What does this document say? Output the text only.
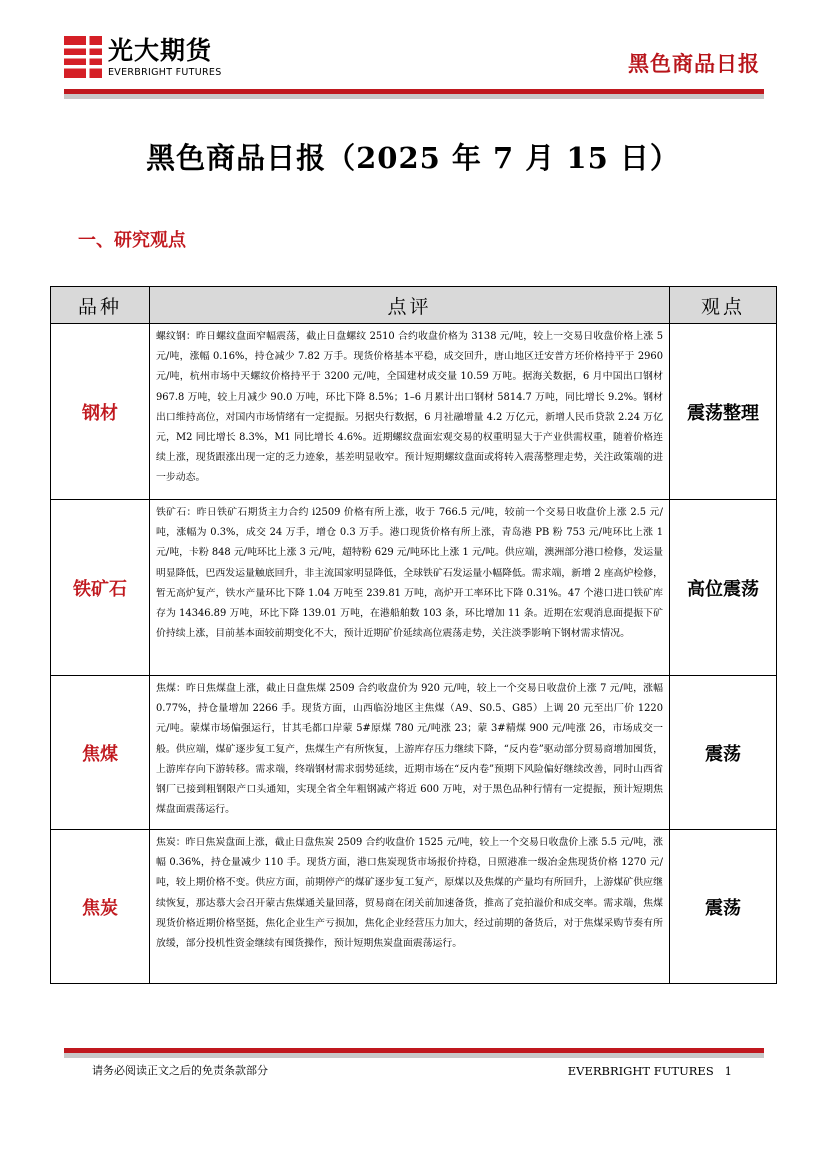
光大期货
EVERBRIGHT FUTURES	黑色商品日报
黑色商品日报（2025 年 7 月 15 日）
一、研究观点
品种	点评	观点
钢材	螺纹钢：昨日螺纹盘面窄幅震荡，截止日盘螺纹 2510 合约收盘价格为 3138 元/吨，较上一交易日收盘价格上涨 5 元/吨，涨幅 0.16%，持仓减少 7.82 万手。现货价格基本平稳，成交回升，唐山地区迁安普方坯价格持平于 2960 元/吨，杭州市场中天螺纹价格持平于 3200 元/吨，全国建材成交量 10.59 万吨。据海关数据，6 月中国出口钢材 967.8 万吨，较上月减少 90.0 万吨，环比下降 8.5%；1–6 月累计出口钢材 5814.7 万吨，同比增长 9.2%。钢材出口维持高位，对国内市场情绪有一定提振。另据央行数据，6 月社融增量 4.2 万亿元，新增人民币贷款 2.24 万亿元，M2 同比增长 8.3%，M1 同比增长 4.6%。近期螺纹盘面宏观交易的权重明显大于产业供需权重，随着价格连续上涨，现货跟涨出现一定的乏力迹象，基差明显收窄。预计短期螺纹盘面或将转入震荡整理走势，关注政策端的进一步动态。	震荡整理
铁矿石	铁矿石：昨日铁矿石期货主力合约 i2509 价格有所上涨，收于 766.5 元/吨，较前一个交易日收盘价上涨 2.5 元/吨，涨幅为 0.3%，成交 24 万手，增仓 0.3 万手。港口现货价格有所上涨，青岛港 PB 粉 753 元/吨环比上涨 1 元/吨，卡粉 848 元/吨环比上涨 3 元/吨，超特粉 629 元/吨环比上涨 1 元/吨。供应端，澳洲部分港口检修，发运量明显降低，巴西发运量触底回升，非主流国家明显降低，全球铁矿石发运量小幅降低。需求端，新增 2 座高炉检修，暂无高炉复产，铁水产量环比下降 1.04 万吨至 239.81 万吨，高炉开工率环比下降 0.31%。47 个港口进口铁矿库存为 14346.89 万吨，环比下降 139.01 万吨，在港船舶数 103 条，环比增加 11 条。近期在宏观消息面提振下矿价持续上涨，目前基本面较前期变化不大，预计近期矿价延续高位震荡走势，关注淡季影响下钢材需求情况。	高位震荡
焦煤	焦煤：昨日焦煤盘上涨，截止日盘焦煤 2509 合约收盘价为 920 元/吨，较上一个交易日收盘价上涨 7 元/吨，涨幅 0.77%，持仓量增加 2266 手。现货方面，山西临汾地区主焦煤（A9、S0.5、G85）上调 20 元至出厂价 1220 元/吨。蒙煤市场偏强运行，甘其毛都口岸蒙 5#原煤 780 元/吨涨 23；蒙 3#精煤 900 元/吨涨 26，市场成交一般。供应端，煤矿逐步复工复产，焦煤生产有所恢复，上游库存压力继续下降，“反内卷”驱动部分贸易商增加囤货，上游库存向下游转移。需求端，终端钢材需求弱势延续，近期市场在“反内卷”预期下风险偏好继续改善，同时山西省钢厂已接到粗钢限产口头通知，实现全省全年粗钢减产将近 600 万吨，对于黑色品种行情有一定提振，预计短期焦煤盘面震荡运行。	震荡
焦炭	焦炭：昨日焦炭盘面上涨，截止日盘焦炭 2509 合约收盘价 1525 元/吨，较上一个交易日收盘价上涨 5.5 元/吨，涨幅 0.36%，持仓量减少 110 手。现货方面，港口焦炭现货市场报价持稳，日照港准一级冶金焦现货价格 1270 元/吨，较上期价格不变。供应方面，前期停产的煤矿逐步复工复产，原煤以及焦煤的产量均有所回升，上游煤矿供应继续恢复，那达慕大会召开蒙古焦煤通关量回落，贸易商在闭关前加速备货，推高了竞拍溢价和成交率。需求端，焦煤现货价格近期价格坚挺，焦化企业生产亏损加，焦化企业经营压力加大，经过前期的备货后，对于焦煤采购节奏有所放缓，部分投机性资金继续有囤货操作，预计短期焦炭盘面震荡运行。	震荡
请务必阅读正文之后的免责条款部分	EVERBRIGHT FUTURES 1
